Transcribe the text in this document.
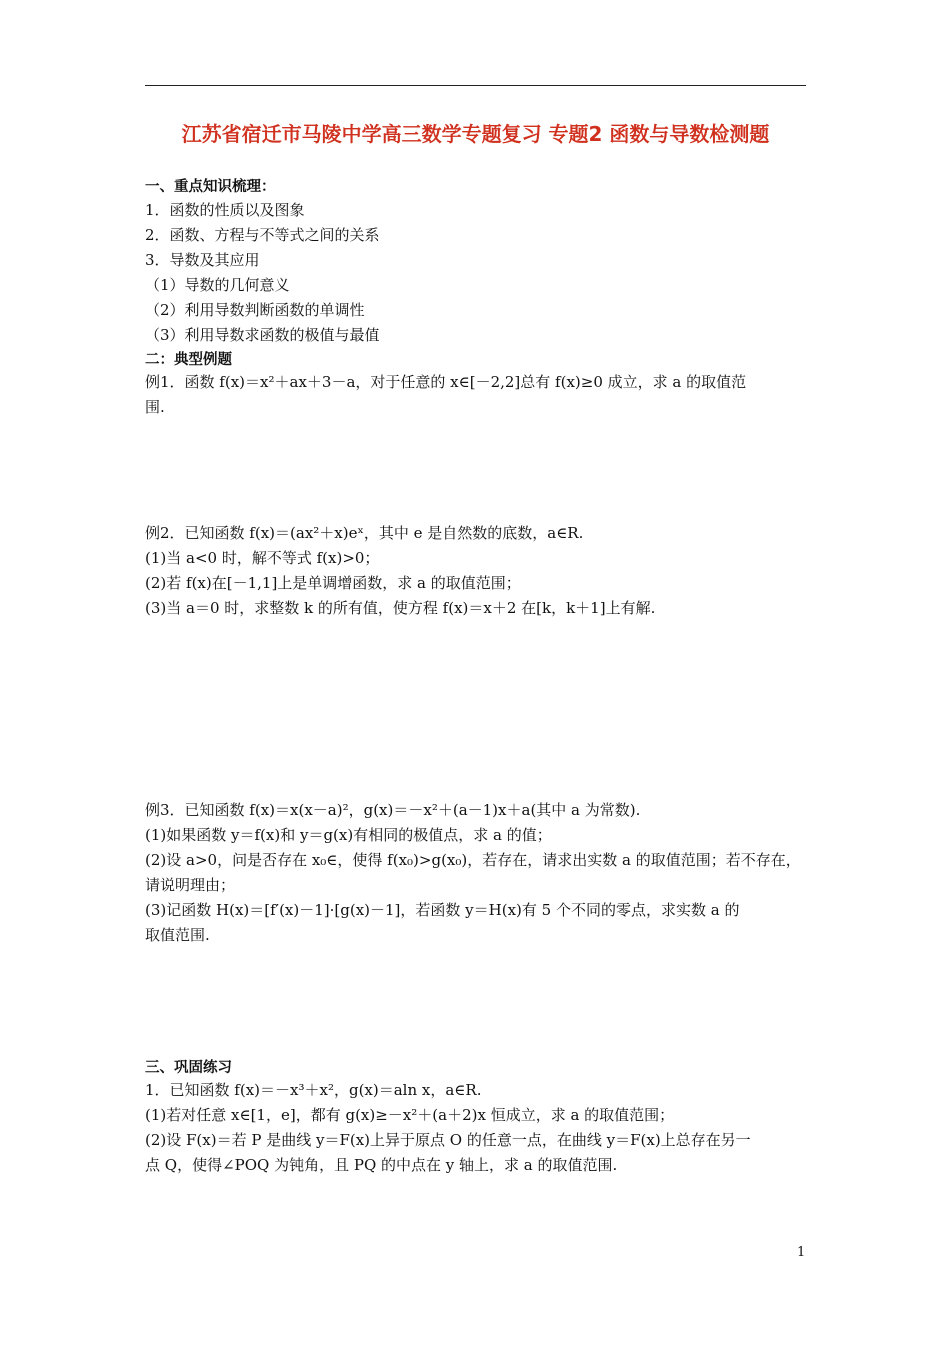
江苏省宿迁市马陵中学高三数学专题复习 专题2 函数与导数检测题
一、重点知识梳理：
1．函数的性质以及图象
2．函数、方程与不等式之间的关系
3．导数及其应用
（1）导数的几何意义
（2）利用导数判断函数的单调性
（3）利用导数求函数的极值与最值
二：典型例题
例1．函数 f(x)＝x²＋ax＋3－a，对于任意的 x∈[－2,2]总有 f(x)≥0 成立，求 a 的取值范
围.
例2．已知函数 f(x)＝(ax²＋x)eˣ，其中 e 是自然数的底数，a∈R.
(1)当 a<0 时，解不等式 f(x)>0；
(2)若 f(x)在[－1,1]上是单调增函数，求 a 的取值范围；
(3)当 a＝0 时，求整数 k 的所有值，使方程 f(x)＝x＋2 在[k，k＋1]上有解.
例3．已知函数 f(x)＝x(x－a)²，g(x)＝－x²＋(a－1)x＋a(其中 a 为常数).
(1)如果函数 y＝f(x)和 y＝g(x)有相同的极值点，求 a 的值；
(2)设 a>0，问是否存在 x₀∈，使得 f(x₀)>g(x₀)，若存在，请求出实数 a 的取值范围；若不存在，
请说明理由；
(3)记函数 H(x)＝[f′(x)－1]·[g(x)－1]，若函数 y＝H(x)有 5 个不同的零点，求实数 a 的
取值范围.
三、巩固练习
1．已知函数 f(x)＝－x³＋x²，g(x)＝aln x，a∈R.
(1)若对任意 x∈[1，e]，都有 g(x)≥－x²＋(a＋2)x 恒成立，求 a 的取值范围；
(2)设 F(x)＝若 P 是曲线 y＝F(x)上异于原点 O 的任意一点，在曲线 y＝F(x)上总存在另一
点 Q，使得∠POQ 为钝角，且 PQ 的中点在 y 轴上，求 a 的取值范围.
1
